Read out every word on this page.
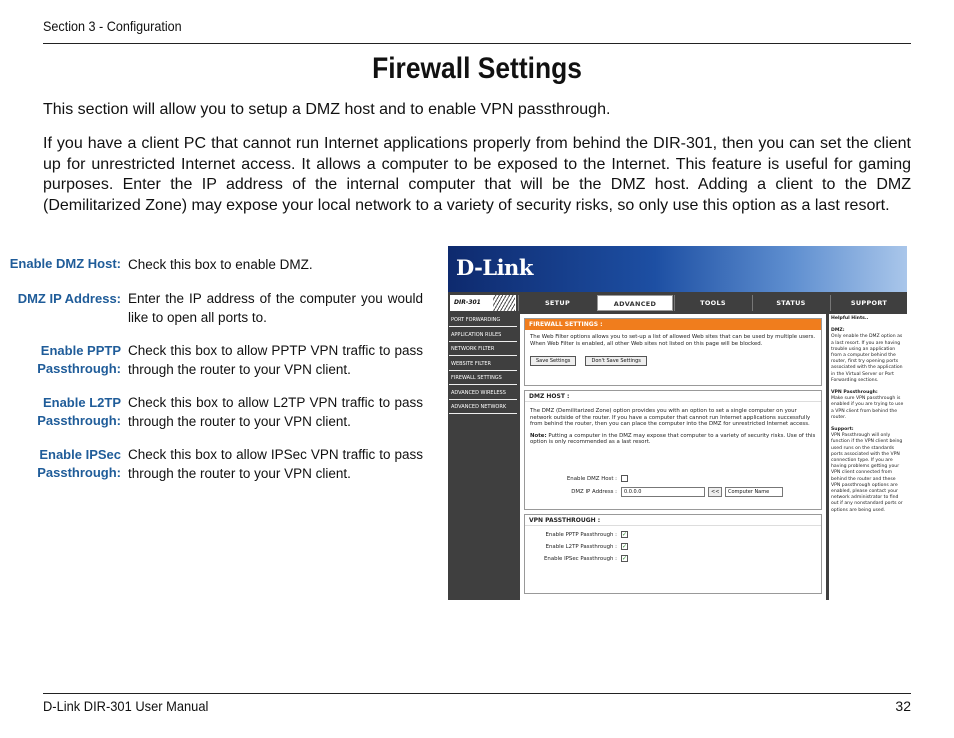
Section 3 - Configuration
Firewall Settings
This section will allow you to setup a DMZ host and to enable VPN passthrough.
If you have a client PC that cannot run Internet applications properly from behind the DIR-301, then you can set the client up for unrestricted Internet access. It allows a computer to be exposed to the Internet. This feature is useful for gaming purposes. Enter the IP address of the internal computer that will be the DMZ host. Adding a client to the DMZ (Demilitarized Zone) may expose your local network to a variety of security risks, so only use this option as a last resort.
Enable DMZ Host: Check this box to enable DMZ.
DMZ IP Address: Enter the IP address of the computer you would like to open all ports to.
Enable PPTP Passthrough:
Check this box to allow PPTP VPN traffic to pass through the router to your VPN client.
Enable L2TP Passthrough:
Check this box to allow L2TP VPN traffic to pass through the router to your VPN client.
Enable IPSec Passthrough:
Check this box to allow IPSec VPN traffic to pass through the router to your VPN client.
D-Link
DIR-301	SETUP	ADVANCED	TOOLS	STATUS	SUPPORT
PORT FORWARDING
APPLICATION RULES
NETWORK FILTER
WEBSITE FILTER
FIREWALL SETTINGS
ADVANCED WIRELESS
ADVANCED NETWORK
FIREWALL SETTINGS :
The Web Filter options allows you to set-up a list of allowed Web sites that can be used by multiple users. When Web Filter is enabled, all other Web sites not listed on this page will be blocked.
Save Settings	Don't Save Settings
DMZ HOST :
The DMZ (Demilitarized Zone) option provides you with an option to set a single computer on your network outside of the router. If you have a computer that cannot run Internet applications successfully from behind the router, then you can place the computer into the DMZ for unrestricted Internet access.
Note: Putting a computer in the DMZ may expose that computer to a variety of security risks. Use of this option is only recommended as a last resort.
Enable DMZ Host :
DMZ IP Address :	0.0.0.0	<<	Computer Name
VPN PASSTHROUGH :
Enable PPTP Passthrough : ✓
Enable L2TP Passthrough : ✓
Enable IPSec Passthrough : ✓
Helpful Hints..
DMZ:
Only enable the DMZ option as a last resort. If you are having trouble using an application from a computer behind the router, first try opening ports associated with the application in the Virtual Server or Port Forwarding sections.
VPN Passthrough:
Make sure VPN passthrough is enabled if you are trying to use a VPN client from behind the router.
Support:
VPN Passthrough will only function if the VPN client being used runs on the standards ports associated with the VPN connection type. If you are having problems getting your VPN client connected from behind the router and these VPN passthrough options are enabled, please contact your network administrator to find out if any nonstandard ports or options are being used.
D-Link DIR-301 User Manual	32
